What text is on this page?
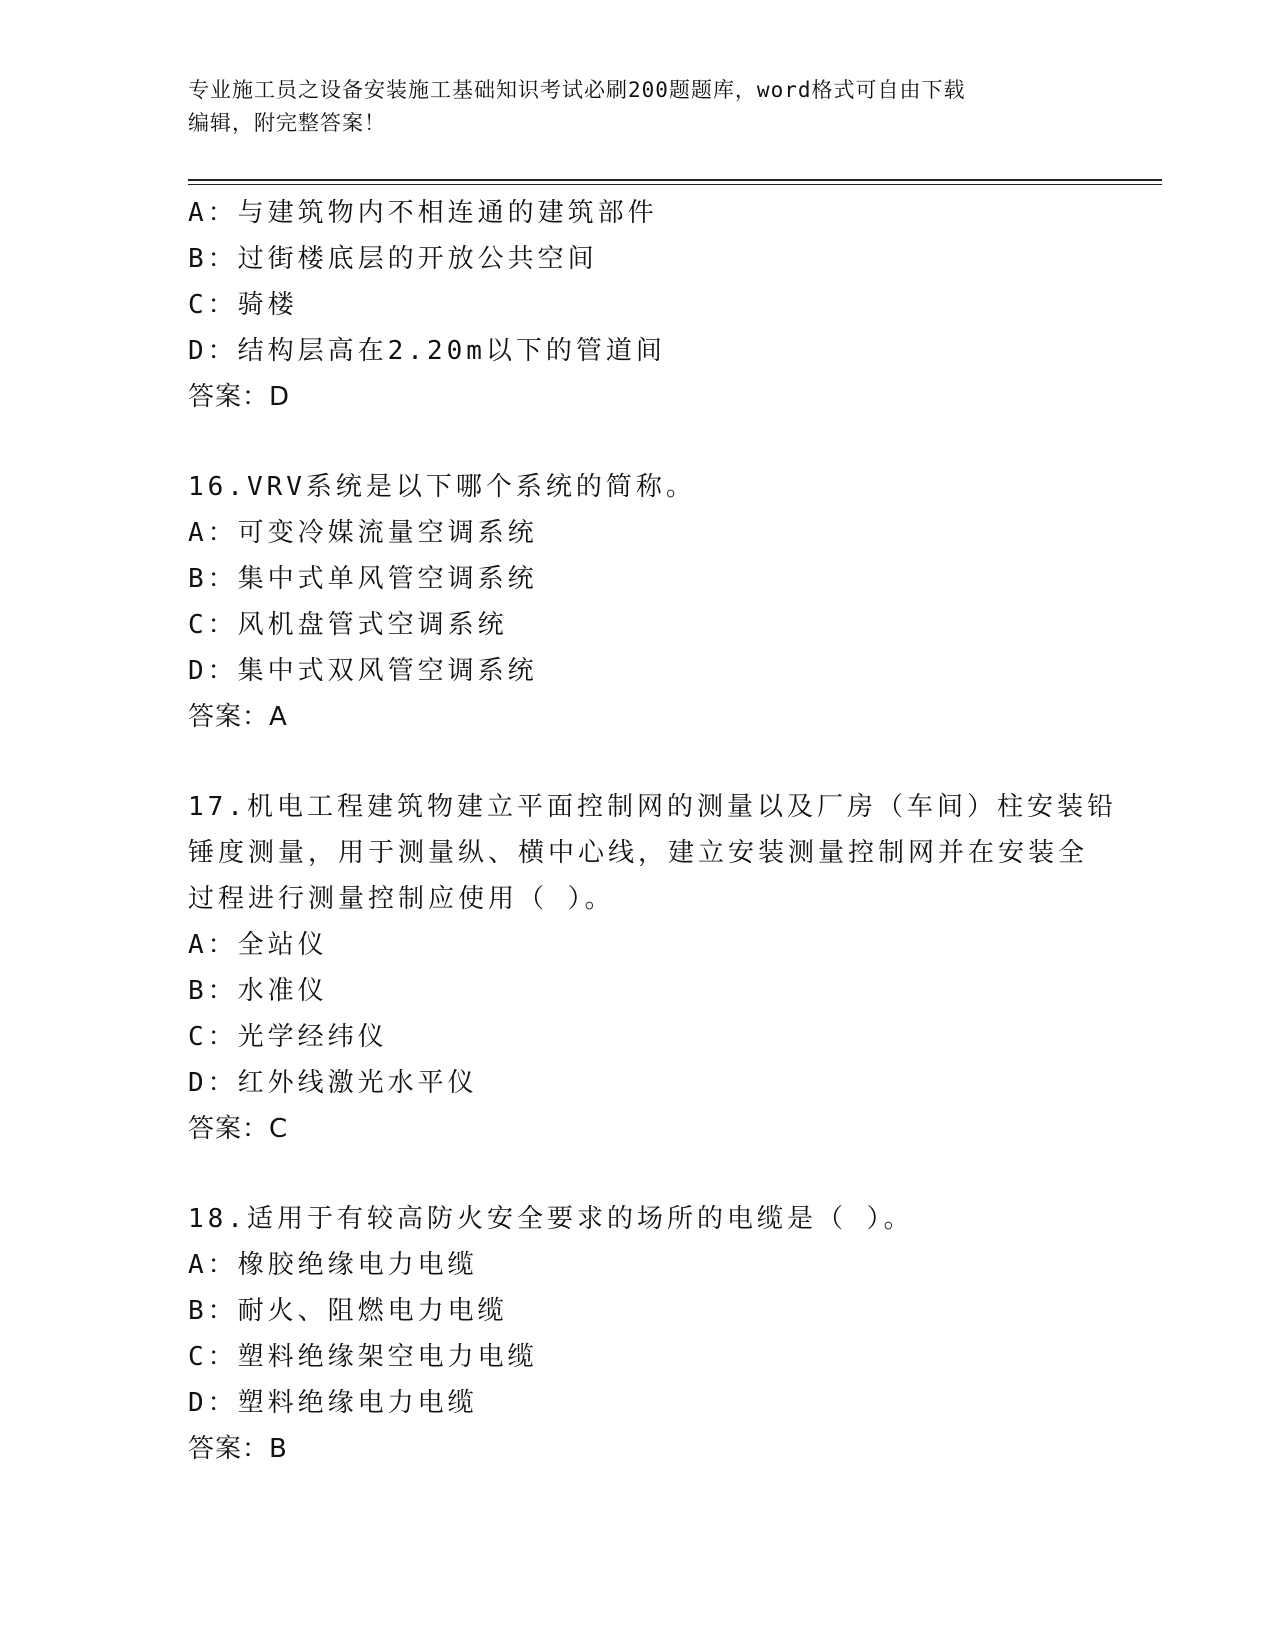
专业施工员之设备安装施工基础知识考试必刷200题题库，word格式可自由下载
编辑，附完整答案！
A：与建筑物内不相连通的建筑部件
B：过街楼底层的开放公共空间
C：骑楼
D：结构层高在2.20m以下的管道间
答案：D
16.VRV系统是以下哪个系统的简称。
A：可变冷媒流量空调系统
B：集中式单风管空调系统
C：风机盘管式空调系统
D：集中式双风管空调系统
答案：A
17.机电工程建筑物建立平面控制网的测量以及厂房（车间）柱安装铅
锤度测量，用于测量纵、横中心线，建立安装测量控制网并在安装全
过程进行测量控制应使用（ ）。
A：全站仪
B：水准仪
C：光学经纬仪
D：红外线激光水平仪
答案：C
18.适用于有较高防火安全要求的场所的电缆是（ ）。
A：橡胶绝缘电力电缆
B：耐火、阻燃电力电缆
C：塑料绝缘架空电力电缆
D：塑料绝缘电力电缆
答案：B
